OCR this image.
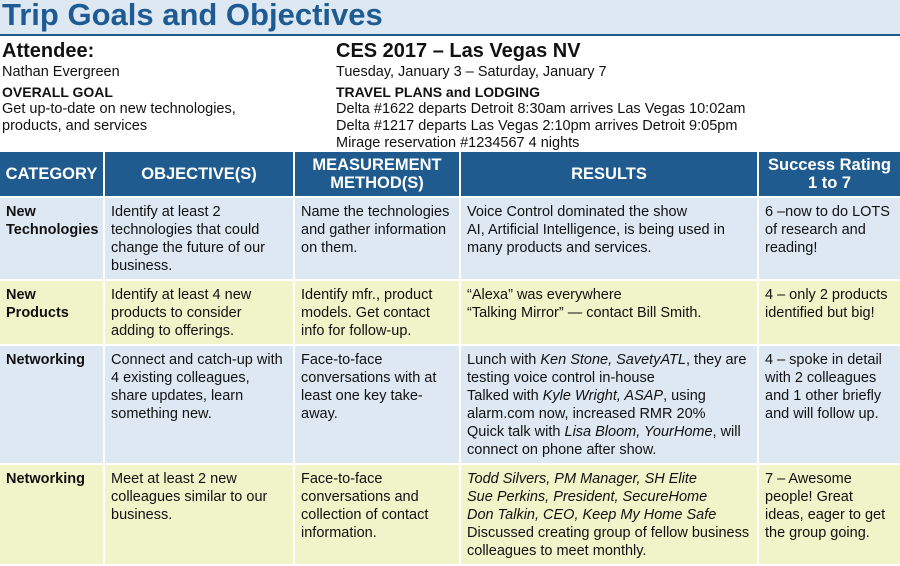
Trip Goals and Objectives
Attendee:
Nathan Evergreen
OVERALL GOAL
Get up-to-date on new technologies,
products, and services
CES 2017 – Las Vegas NV
Tuesday, January 3 – Saturday, January 7
TRAVEL PLANS and LODGING
Delta #1622 departs Detroit 8:30am arrives Las Vegas 10:02am
Delta #1217 departs Las Vegas 2:10pm arrives Detroit 9:05pm
Mirage reservation #1234567 4 nights
CATEGORY	OBJECTIVE(S)	MEASUREMENT
METHOD(S)	RESULTS	Success Rating
1 to 7

New Technologies	Identify at least 2 technologies that could change the future of our business.	Name the technologies and gather information on them.	Voice Control dominated the show
AI, Artificial Intelligence, is being used in many products and services.	6 –now to do LOTS of research and reading!
New Products	Identify at least 4 new products to consider adding to offerings.	Identify mfr., product models. Get contact info for follow-up.	“Alexa” was everywhere
“Talking Mirror” — contact Bill Smith.	4 – only 2 products identified but big!
Networking	Connect and catch-up with 4 existing colleagues, share updates, learn something new.	Face-to-face conversations with at least one key take-away.	Lunch with Ken Stone, SavetyATL, they are testing voice control in-house
Talked with Kyle Wright, ASAP, using alarm.com now, increased RMR 20%
Quick talk with Lisa Bloom, YourHome, will connect on phone after show.	4 – spoke in detail with 2 colleagues and 1 other briefly and will follow up.
Networking	Meet at least 2 new colleagues similar to our business.	Face-to-face conversations and collection of contact information.	Todd Silvers, PM Manager, SH Elite
Sue Perkins, President, SecureHome
Don Talkin, CEO, Keep My Home Safe
Discussed creating group of fellow business colleagues to meet monthly.	7 – Awesome people! Great ideas, eager to get the group going.
